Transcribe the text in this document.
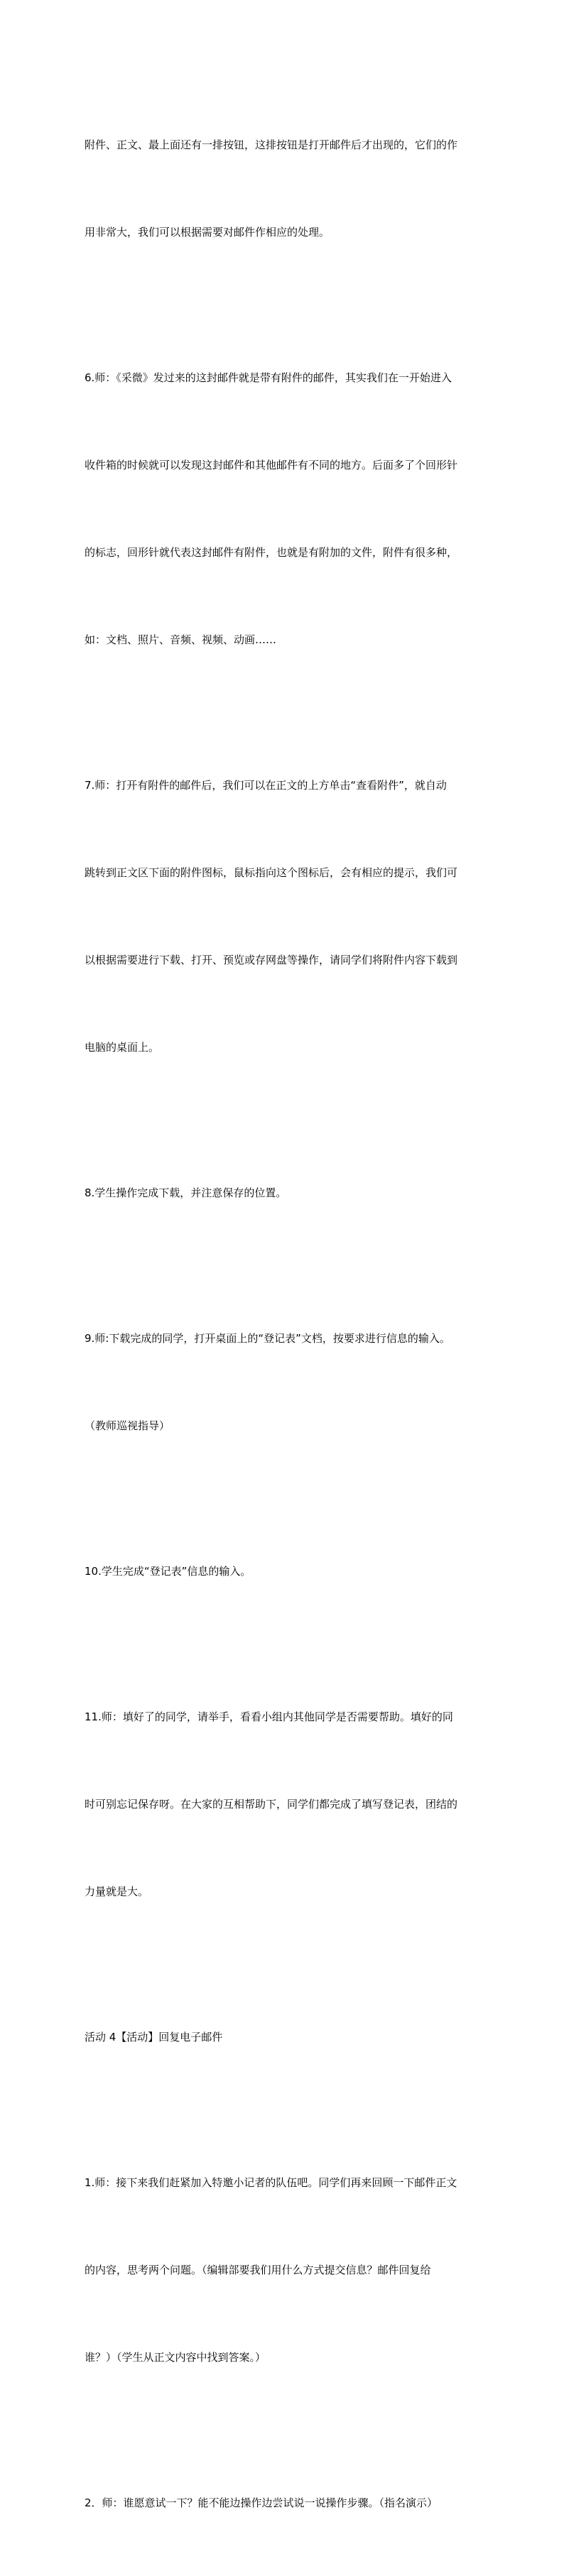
附件、正文、最上面还有一排按钮，这排按钮是打开邮件后才出现的，它们的作

用非常大，我们可以根据需要对邮件作相应的处理。

6.师：《采微》发过来的这封邮件就是带有附件的邮件，其实我们在一开始进入

收件箱的时候就可以发现这封邮件和其他邮件有不同的地方。后面多了个回形针

的标志，回形针就代表这封邮件有附件，也就是有附加的文件，附件有很多种，

如：文档、照片、音频、视频、动画……

7.师：打开有附件的邮件后，我们可以在正文的上方单击“查看附件”，就自动

跳转到正文区下面的附件图标，鼠标指向这个图标后，会有相应的提示，我们可

以根据需要进行下载、打开、预览或存网盘等操作，请同学们将附件内容下载到

电脑的桌面上。

8.学生操作完成下载，并注意保存的位置。

9.师:下载完成的同学，打开桌面上的“登记表”文档，按要求进行信息的输入。

（教师巡视指导）

10.学生完成“登记表”信息的输入。

11.师：填好了的同学，请举手，看看小组内其他同学是否需要帮助。填好的同

时可别忘记保存呀。在大家的互相帮助下，同学们都完成了填写登记表，团结的

力量就是大。

活动 4【活动】回复电子邮件

1.师：接下来我们赶紧加入特邀小记者的队伍吧。同学们再来回顾一下邮件正文

的内容，思考两个问题。（编辑部要我们用什么方式提交信息？邮件回复给

谁？）（学生从正文内容中找到答案。）

2．师：谁愿意试一下？能不能边操作边尝试说一说操作步骤。（指名演示）
